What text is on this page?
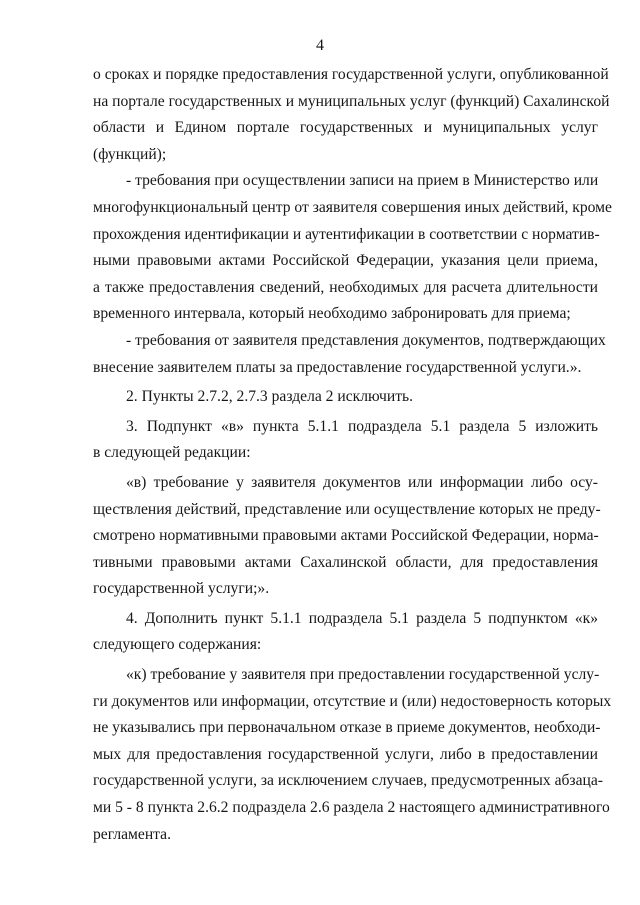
4
о сроках и порядке предоставления государственной услуги, опубликованной
на портале государственных и муниципальных услуг (функций) Сахалинской
области и Едином портале государственных и муниципальных услуг
(функций);
- требования при осуществлении записи на прием в Министерство или
многофункциональный центр от заявителя совершения иных действий, кроме
прохождения идентификации и аутентификации в соответствии с норматив-
ными правовыми актами Российской Федерации, указания цели приема,
а также предоставления сведений, необходимых для расчета длительности
временного интервала, который необходимо забронировать для приема;
- требования от заявителя представления документов, подтверждающих
внесение заявителем платы за предоставление государственной услуги.».
2. Пункты 2.7.2, 2.7.3 раздела 2 исключить.
3. Подпункт «в» пункта 5.1.1 подраздела 5.1 раздела 5 изложить
в следующей редакции:
«в) требование у заявителя документов или информации либо осу-
ществления действий, представление или осуществление которых не преду-
смотрено нормативными правовыми актами Российской Федерации, норма-
тивными правовыми актами Сахалинской области, для предоставления
государственной услуги;».
4. Дополнить пункт 5.1.1 подраздела 5.1 раздела 5 подпунктом «к»
следующего содержания:
«к) требование у заявителя при предоставлении государственной услу-
ги документов или информации, отсутствие и (или) недостоверность которых
не указывались при первоначальном отказе в приеме документов, необходи-
мых для предоставления государственной услуги, либо в предоставлении
государственной услуги, за исключением случаев, предусмотренных абзаца-
ми 5 - 8 пункта 2.6.2 подраздела 2.6 раздела 2 настоящего административного
регламента.
